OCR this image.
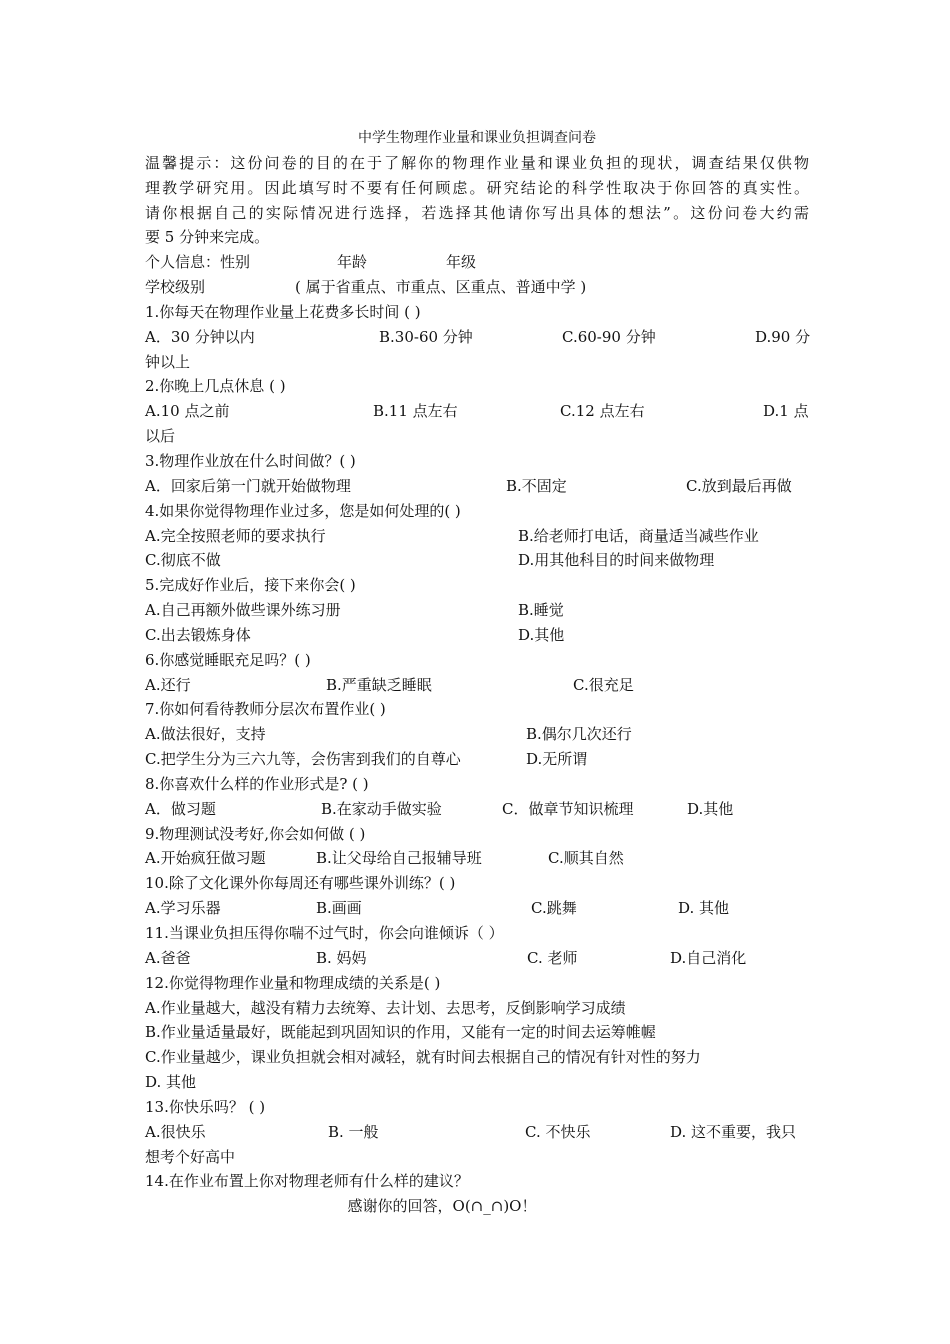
中学生物理作业量和课业负担调查问卷
温馨提示：这份问卷的目的在于了解你的物理作业量和课业负担的现状，调查结果仅供物
理教学研究用。因此填写时不要有任何顾虑。研究结论的科学性取决于你回答的真实性。
请你根据自己的实际情况进行选择，若选择其他请你写出具体的想法”。这份问卷大约需
要 5 分钟来完成。
个人信息：性别	年龄	年级
学校级别	( 属于省重点、市重点、区重点、普通中学 )
1.你每天在物理作业量上花费多长时间 ( )
A．30 分钟以内	B.30-60 分钟	C.60-90 分钟	D.90 分
钟以上
2.你晚上几点休息 ( )
A.10 点之前	B.11 点左右	C.12 点左右	D.1 点
以后
3.物理作业放在什么时间做？( )
A．回家后第一门就开始做物理	B.不固定	C.放到最后再做
4.如果你觉得物理作业过多，您是如何处理的( )
A.完全按照老师的要求执行	B.给老师打电话，商量适当减些作业
C.彻底不做	D.用其他科目的时间来做物理
5.完成好作业后，接下来你会( )
A.自己再额外做些课外练习册	B.睡觉
C.出去锻炼身体	D.其他
6.你感觉睡眠充足吗？( )
A.还行	B.严重缺乏睡眠	C.很充足
7.你如何看待教师分层次布置作业( )
A.做法很好，支持	B.偶尔几次还行
C.把学生分为三六九等，会伤害到我们的自尊心	D.无所谓
8.你喜欢什么样的作业形式是? ( )
A．做习题	B.在家动手做实验	C．做章节知识梳理	D.其他
9.物理测试没考好,你会如何做 ( )
A.开始疯狂做习题	B.让父母给自己报辅导班	C.顺其自然
10.除了文化课外你每周还有哪些课外训练？( )
A.学习乐器	B.画画	C.跳舞	D. 其他
11.当课业负担压得你喘不过气时，你会向谁倾诉（ ）
A.爸爸	B. 妈妈	C. 老师	D.自己消化
12.你觉得物理作业量和物理成绩的关系是( )
A.作业量越大，越没有精力去统筹、去计划、去思考，反倒影响学习成绩
B.作业量适量最好，既能起到巩固知识的作用，又能有一定的时间去运筹帷幄
C.作业量越少，课业负担就会相对减轻，就有时间去根据自己的情况有针对性的努力
D. 其他
13.你快乐吗？ ( )
A.很快乐	B. 一般	C. 不快乐	D. 这不重要，我只
想考个好高中
14.在作业布置上你对物理老师有什么样的建议？
感谢你的回答，O(∩_∩)O！
